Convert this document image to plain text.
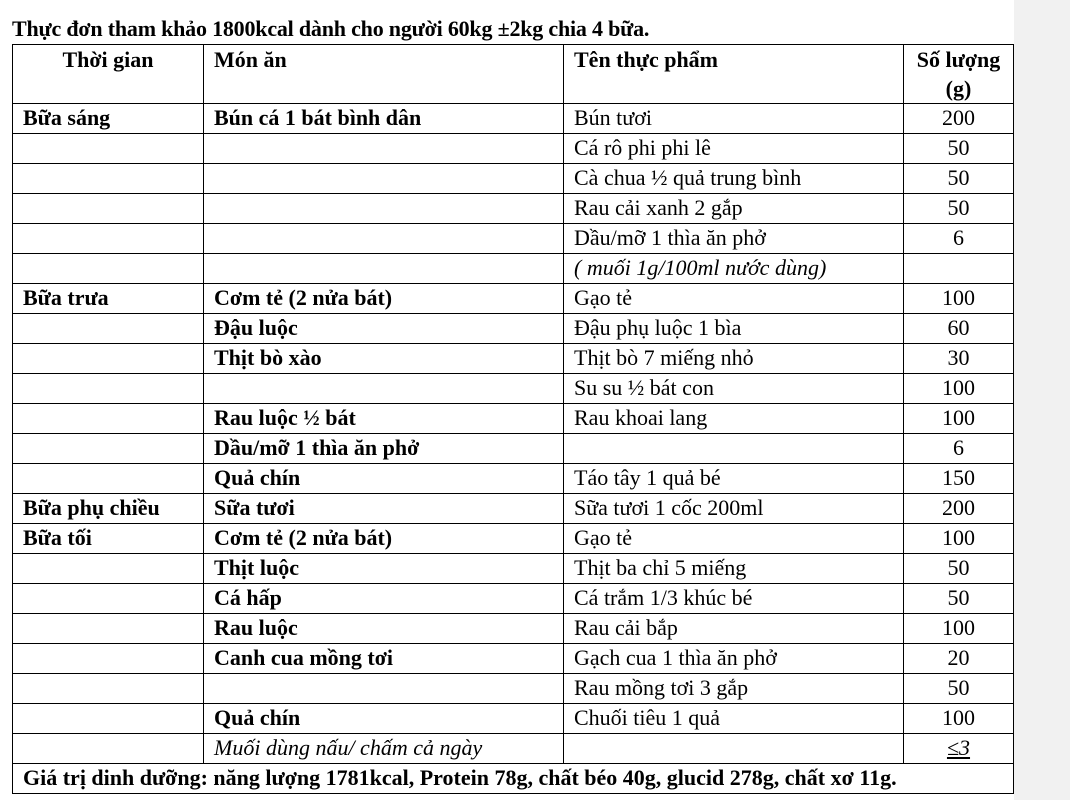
Thực đơn tham khảo 1800kcal dành cho người 60kg ±2kg chia 4 bữa.
Thời gian	Món ăn	Tên thực phẩm	Số lượng
(g)
Bữa sáng	Bún cá 1 bát bình dân	Bún tươi	200
		Cá rô phi phi lê	50
		Cà chua ½ quả trung bình	50
		Rau cải xanh 2 gắp	50
		Dầu/mỡ 1 thìa ăn phở	6
		( muối 1g/100ml nước dùng)	
Bữa trưa	Cơm tẻ (2 nửa bát)	Gạo tẻ	100
	Đậu luộc	Đậu phụ luộc 1 bìa	60
	Thịt bò xào	Thịt bò 7 miếng nhỏ	30
		Su su ½ bát con	100
	Rau luộc ½ bát	Rau khoai lang	100
	Dầu/mỡ 1 thìa ăn phở		6
	Quả chín	Táo tây 1 quả bé	150
Bữa phụ chiều	Sữa tươi	Sữa tươi 1 cốc 200ml	200
Bữa tối	Cơm tẻ (2 nửa bát)	Gạo tẻ	100
	Thịt luộc	Thịt ba chỉ 5 miếng	50
	Cá hấp	Cá trắm 1/3 khúc bé	50
	Rau luộc	Rau cải bắp	100
	Canh cua mồng tơi	Gạch cua 1 thìa ăn phở	20
		Rau mồng tơi 3 gắp	50
	Quả chín	Chuối tiêu 1 quả	100
	Muối dùng nấu/ chấm cả ngày		≤3
Giá trị dinh dưỡng: năng lượng 1781kcal, Protein 78g, chất béo 40g, glucid 278g, chất xơ 11g.			
